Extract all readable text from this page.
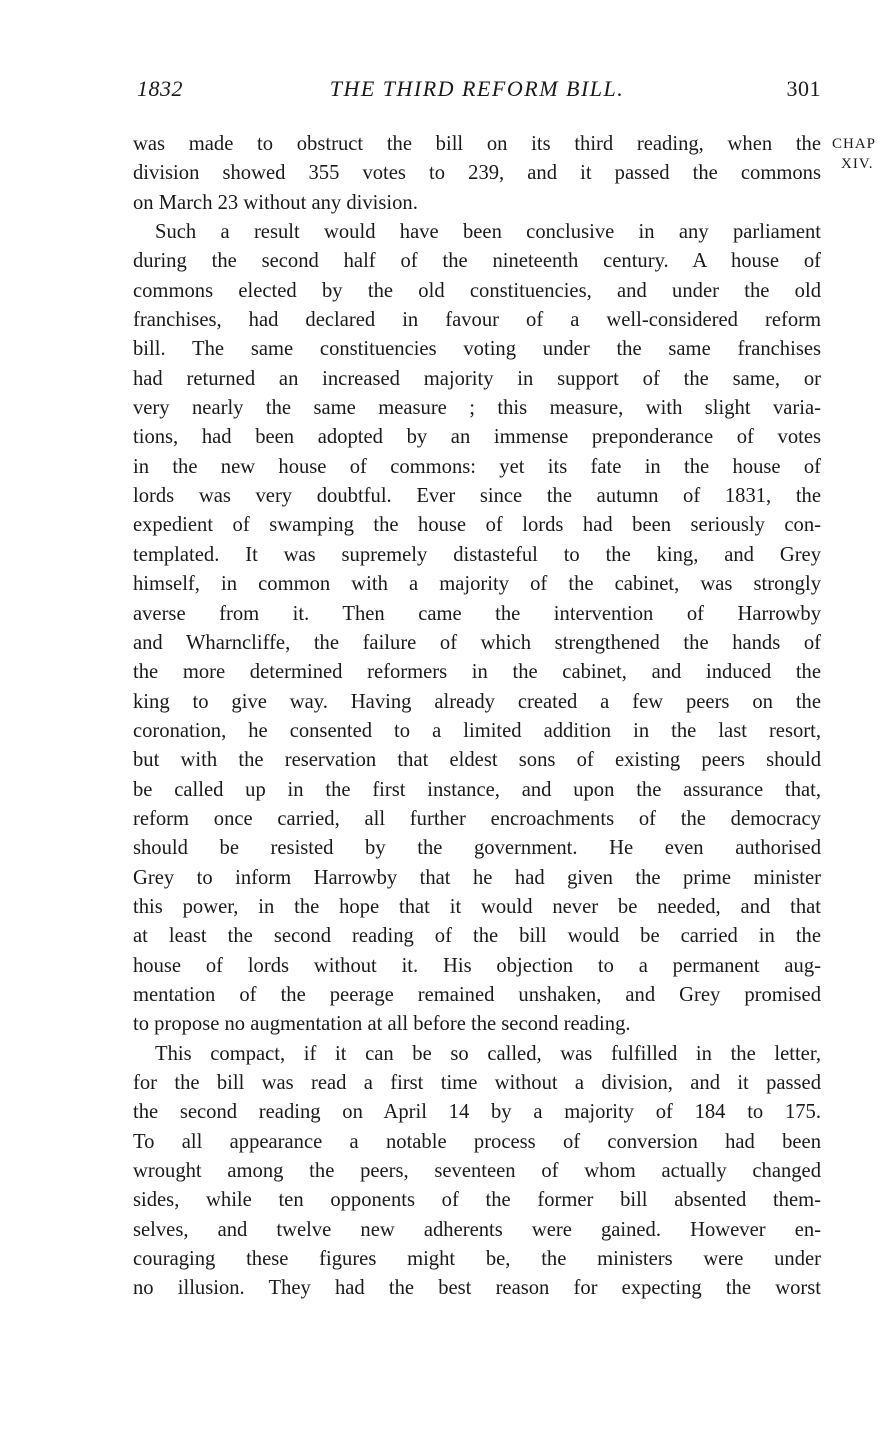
1832	THE THIRD REFORM BILL.	301
CHAP
XIV.
was made to obstruct the bill on its third reading, when the
division showed 355 votes to 239, and it passed the commons
on March 23 without any division.
Such a result would have been conclusive in any parliament
during the second half of the nineteenth century. A house of
commons elected by the old constituencies, and under the old
franchises, had declared in favour of a well-considered reform
bill. The same constituencies voting under the same franchises
had returned an increased majority in support of the same, or
very nearly the same measure ; this measure, with slight varia-
tions, had been adopted by an immense preponderance of votes
in the new house of commons: yet its fate in the house of
lords was very doubtful. Ever since the autumn of 1831, the
expedient of swamping the house of lords had been seriously con-
templated. It was supremely distasteful to the king, and Grey
himself, in common with a majority of the cabinet, was strongly
averse from it. Then came the intervention of Harrowby
and Wharncliffe, the failure of which strengthened the hands of
the more determined reformers in the cabinet, and induced the
king to give way. Having already created a few peers on the
coronation, he consented to a limited addition in the last resort,
but with the reservation that eldest sons of existing peers should
be called up in the first instance, and upon the assurance that,
reform once carried, all further encroachments of the democracy
should be resisted by the government. He even authorised
Grey to inform Harrowby that he had given the prime minister
this power, in the hope that it would never be needed, and that
at least the second reading of the bill would be carried in the
house of lords without it. His objection to a permanent aug-
mentation of the peerage remained unshaken, and Grey promised
to propose no augmentation at all before the second reading.
This compact, if it can be so called, was fulfilled in the letter,
for the bill was read a first time without a division, and it passed
the second reading on April 14 by a majority of 184 to 175.
To all appearance a notable process of conversion had been
wrought among the peers, seventeen of whom actually changed
sides, while ten opponents of the former bill absented them-
selves, and twelve new adherents were gained. However en-
couraging these figures might be, the ministers were under
no illusion. They had the best reason for expecting the worst
